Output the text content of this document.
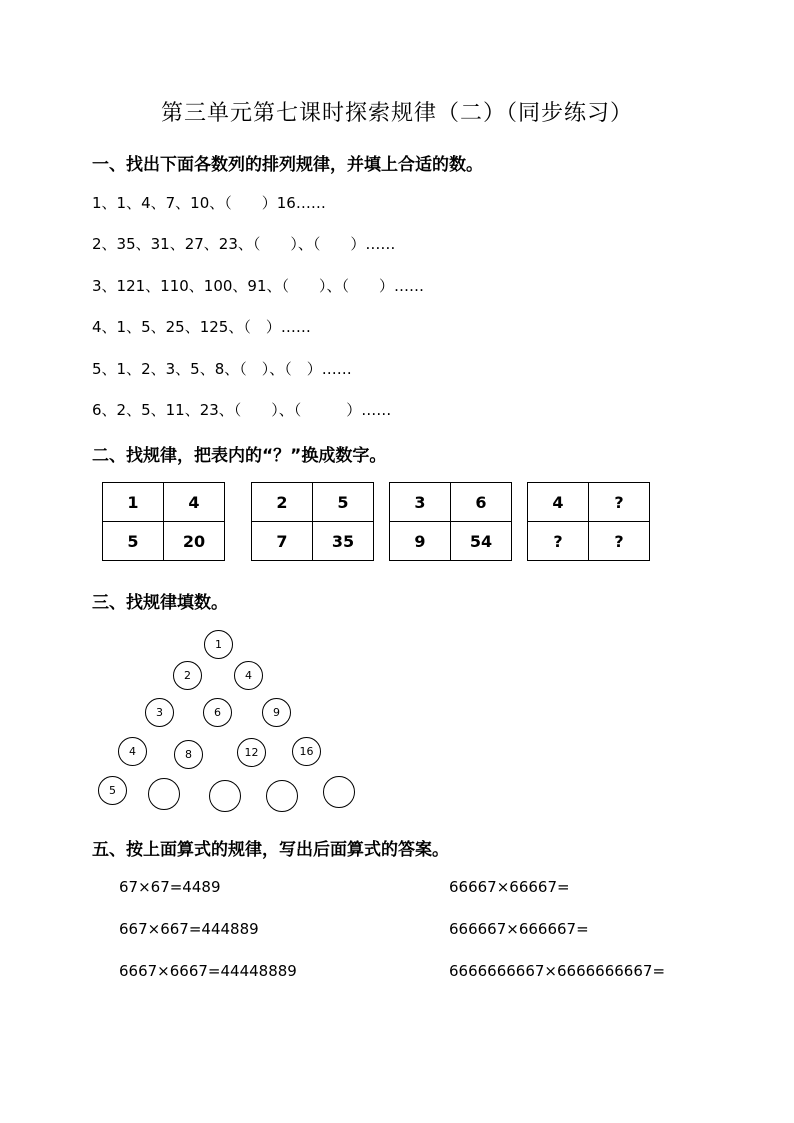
第三单元第七课时探索规律（二）（同步练习）
一、找出下面各数列的排列规律，并填上合适的数。
1、1、4、7、10、（　　）16……
2、35、31、27、23、（　　）、（　　）……
3、121、110、100、91、（　　）、（　　）……
4、1、5、25、125、（　）……
5、1、2、3、5、8、（　）、（　）……
6、2、5、11、23、（　　）、（　　　）……
二、找规律，把表内的“？”换成数字。
1	4
5	20
2	5
7	35
3	6
9	54
4	?
?	?
三、找规律填数。
1
2	4
3	6	9
4	8	12	16
5
五、按上面算式的规律，写出后面算式的答案。
67×67=4489
667×667=444889
6667×6667=44448889
66667×66667=
666667×666667=
6666666667×6666666667=
